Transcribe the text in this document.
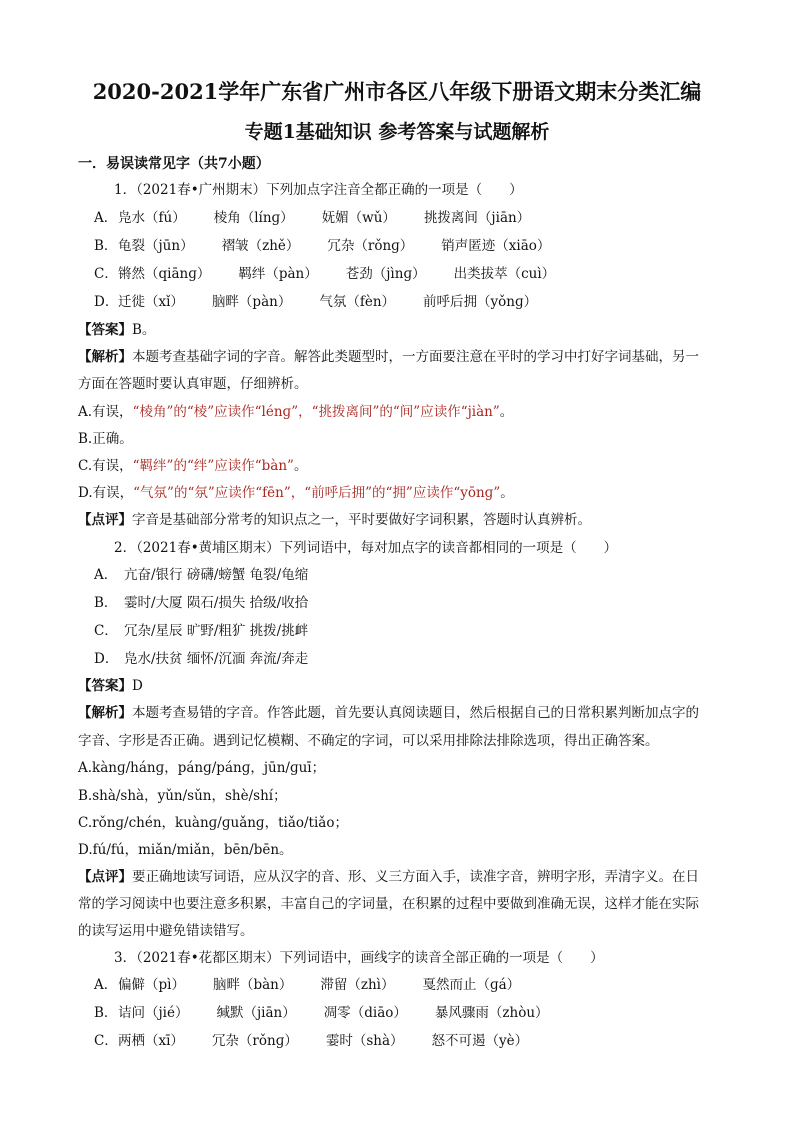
2020-2021学年广东省广州市各区八年级下册语文期末分类汇编
专题1基础知识 参考答案与试题解析
一．易误读常见字（共7小题）
1．（2021春•广州期末）下列加点字注音全都正确的一项是（　　）
A．凫水（fú） 棱角（línɡ） 妩媚（wǔ） 挑拨离间（jiān）
B．龟裂（jūn） 褶皱（zhě） 冗杂（rǒnɡ） 销声匿迹（xiāo）
C．锵然（qiānɡ） 羁绊（pàn） 苍劲（jìnɡ） 出类拔萃（cuì）
D．迁徙（xǐ） 脑畔（pàn） 气氛（fèn） 前呼后拥（yǒnɡ）
【答案】B。
【解析】本题考查基础字词的字音。解答此类题型时，一方面要注意在平时的学习中打好字词基础，另一
方面在答题时要认真审题，仔细辨析。
A.有误，“棱角”的“棱”应读作“lénɡ”，“挑拨离间”的“间”应读作“jiàn”。
B.正确。
C.有误，“羁绊”的“绊”应读作“bàn”。
D.有误，“气氛”的“氛”应读作“fēn”，“前呼后拥”的“拥”应读作“yōnɡ”。
【点评】字音是基础部分常考的知识点之一，平时要做好字词积累，答题时认真辨析。
2．（2021春•黄埔区期末）下列词语中，每对加点字的读音都相同的一项是（　　）
A． 亢奋/银行 磅礴/螃蟹 龟裂/龟缩
B． 霎时/大厦 陨石/损失 拾级/收拾
C． 冗杂/星辰 旷野/粗犷 挑拨/挑衅
D． 凫水/扶贫 缅怀/沉湎 奔流/奔走
【答案】D
【解析】本题考查易错的字音。作答此题，首先要认真阅读题目，然后根据自己的日常积累判断加点字的
字音、字形是否正确。遇到记忆模糊、不确定的字词，可以采用排除法排除选项，得出正确答案。
A.kànɡ/hánɡ，pánɡ/pánɡ，jūn/ɡuī；
B.shà/shà，yǔn/sǔn，shè/shí；
C.rǒnɡ/chén，kuànɡ/ɡuǎnɡ，tiǎo/tiǎo；
D.fú/fú，miǎn/miǎn，bēn/bēn。
【点评】要正确地读写词语，应从汉字的音、形、义三方面入手，读准字音，辨明字形，弄清字义。在日
常的学习阅读中也要注意多积累，丰富自己的字词量，在积累的过程中要做到准确无误，这样才能在实际
的读写运用中避免错读错写。
3．（2021春•花都区期末）下列词语中，画线字的读音全部正确的一项是（　　）
A．偏僻（pì） 脑畔（bàn） 滞留（zhì） 戛然而止（ɡá）
B．诘问（jié） 缄默（jiān） 凋零（diāo） 暴风骤雨（zhòu）
C．两栖（xī） 冗杂（rǒnɡ） 霎时（shà） 怒不可遏（yè）
